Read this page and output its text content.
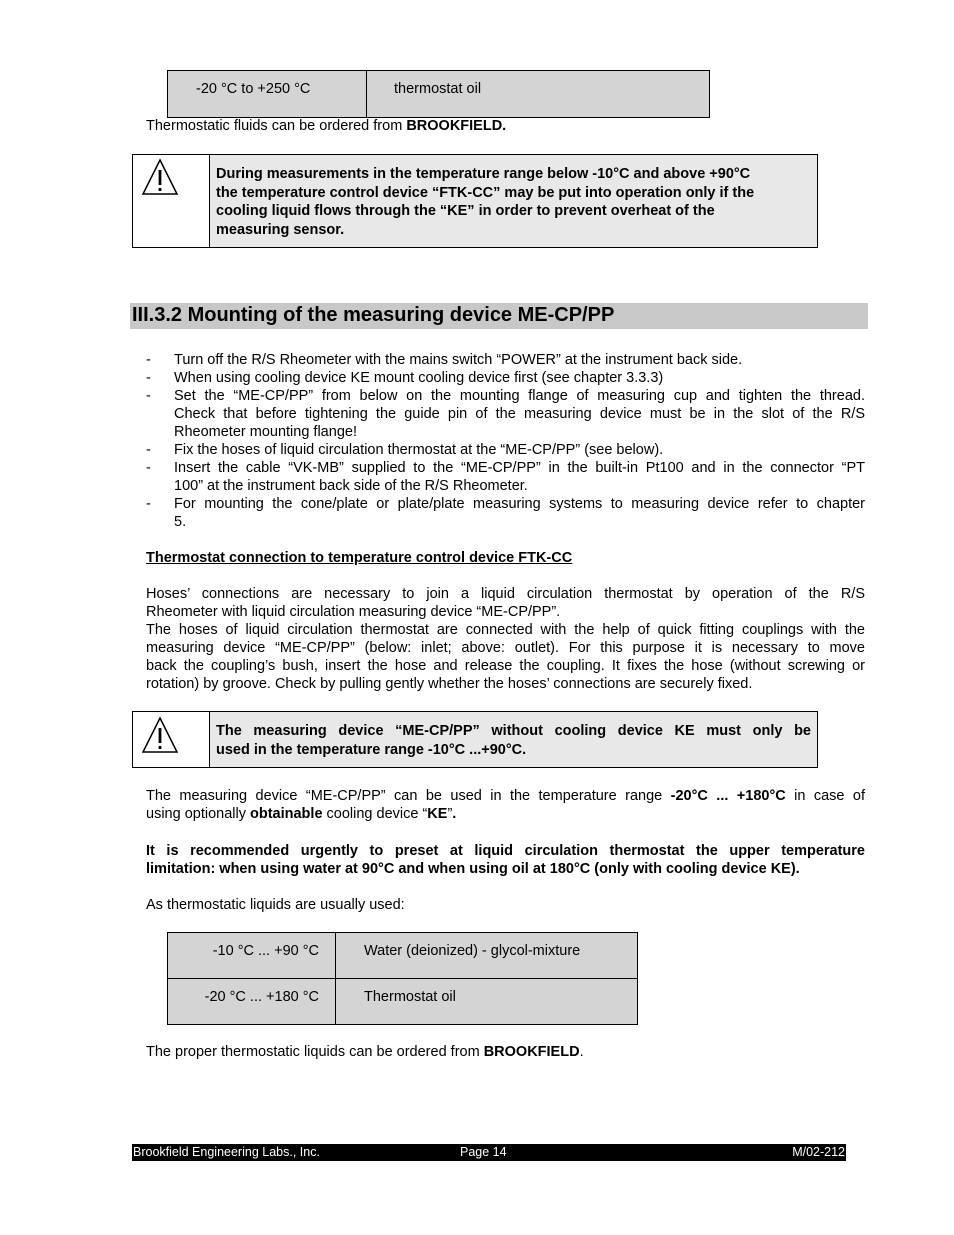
-20 °C to +250 °C	thermostat oil
Thermostatic fluids can be ordered from BROOKFIELD.
During measurements in the temperature range below -10°C and above +90°C
the temperature control device “FTK-CC” may be put into operation only if the
cooling liquid flows through the “KE” in order to prevent overheat of the
measuring sensor.
III.3.2 Mounting of the measuring device ME-CP/PP
- Turn off the R/S Rheometer with the mains switch “POWER” at the instrument back side.
- When using cooling device KE mount cooling device first (see chapter 3.3.3)
- Set the “ME-CP/PP” from below on the mounting flange of measuring cup and tighten the thread.
Check that before tightening the guide pin of the measuring device must be in the slot of the R/S
Rheometer mounting flange!
- Fix the hoses of liquid circulation thermostat at the “ME-CP/PP” (see below).
- Insert the cable “VK-MB” supplied to the “ME-CP/PP” in the built-in Pt100 and in the connector “PT
100” at the instrument back side of the R/S Rheometer.
- For mounting the cone/plate or plate/plate measuring systems to measuring device refer to chapter
5.
Thermostat connection to temperature control device FTK-CC
Hoses’ connections are necessary to join a liquid circulation thermostat by operation of the R/S
Rheometer with liquid circulation measuring device “ME-CP/PP”.
The hoses of liquid circulation thermostat are connected with the help of quick fitting couplings with the
measuring device “ME-CP/PP” (below: inlet; above: outlet). For this purpose it is necessary to move
back the coupling’s bush, insert the hose and release the coupling. It fixes the hose (without screwing or
rotation) by groove. Check by pulling gently whether the hoses’ connections are securely fixed.
The measuring device “ME-CP/PP” without cooling device KE must only be
used in the temperature range -10°C ...+90°C.
The measuring device “ME-CP/PP” can be used in the temperature range -20°C ... +180°C in case of
using optionally obtainable cooling device “KE”.
It is recommended urgently to preset at liquid circulation thermostat the upper temperature
limitation: when using water at 90°C and when using oil at 180°C (only with cooling device KE).
As thermostatic liquids are usually used:
-10 °C ... +90 °C	Water (deionized) - glycol-mixture
-20 °C ... +180 °C	Thermostat oil
The proper thermostatic liquids can be ordered from BROOKFIELD.
Brookfield Engineering Labs., Inc.	Page 14	M/02-212
